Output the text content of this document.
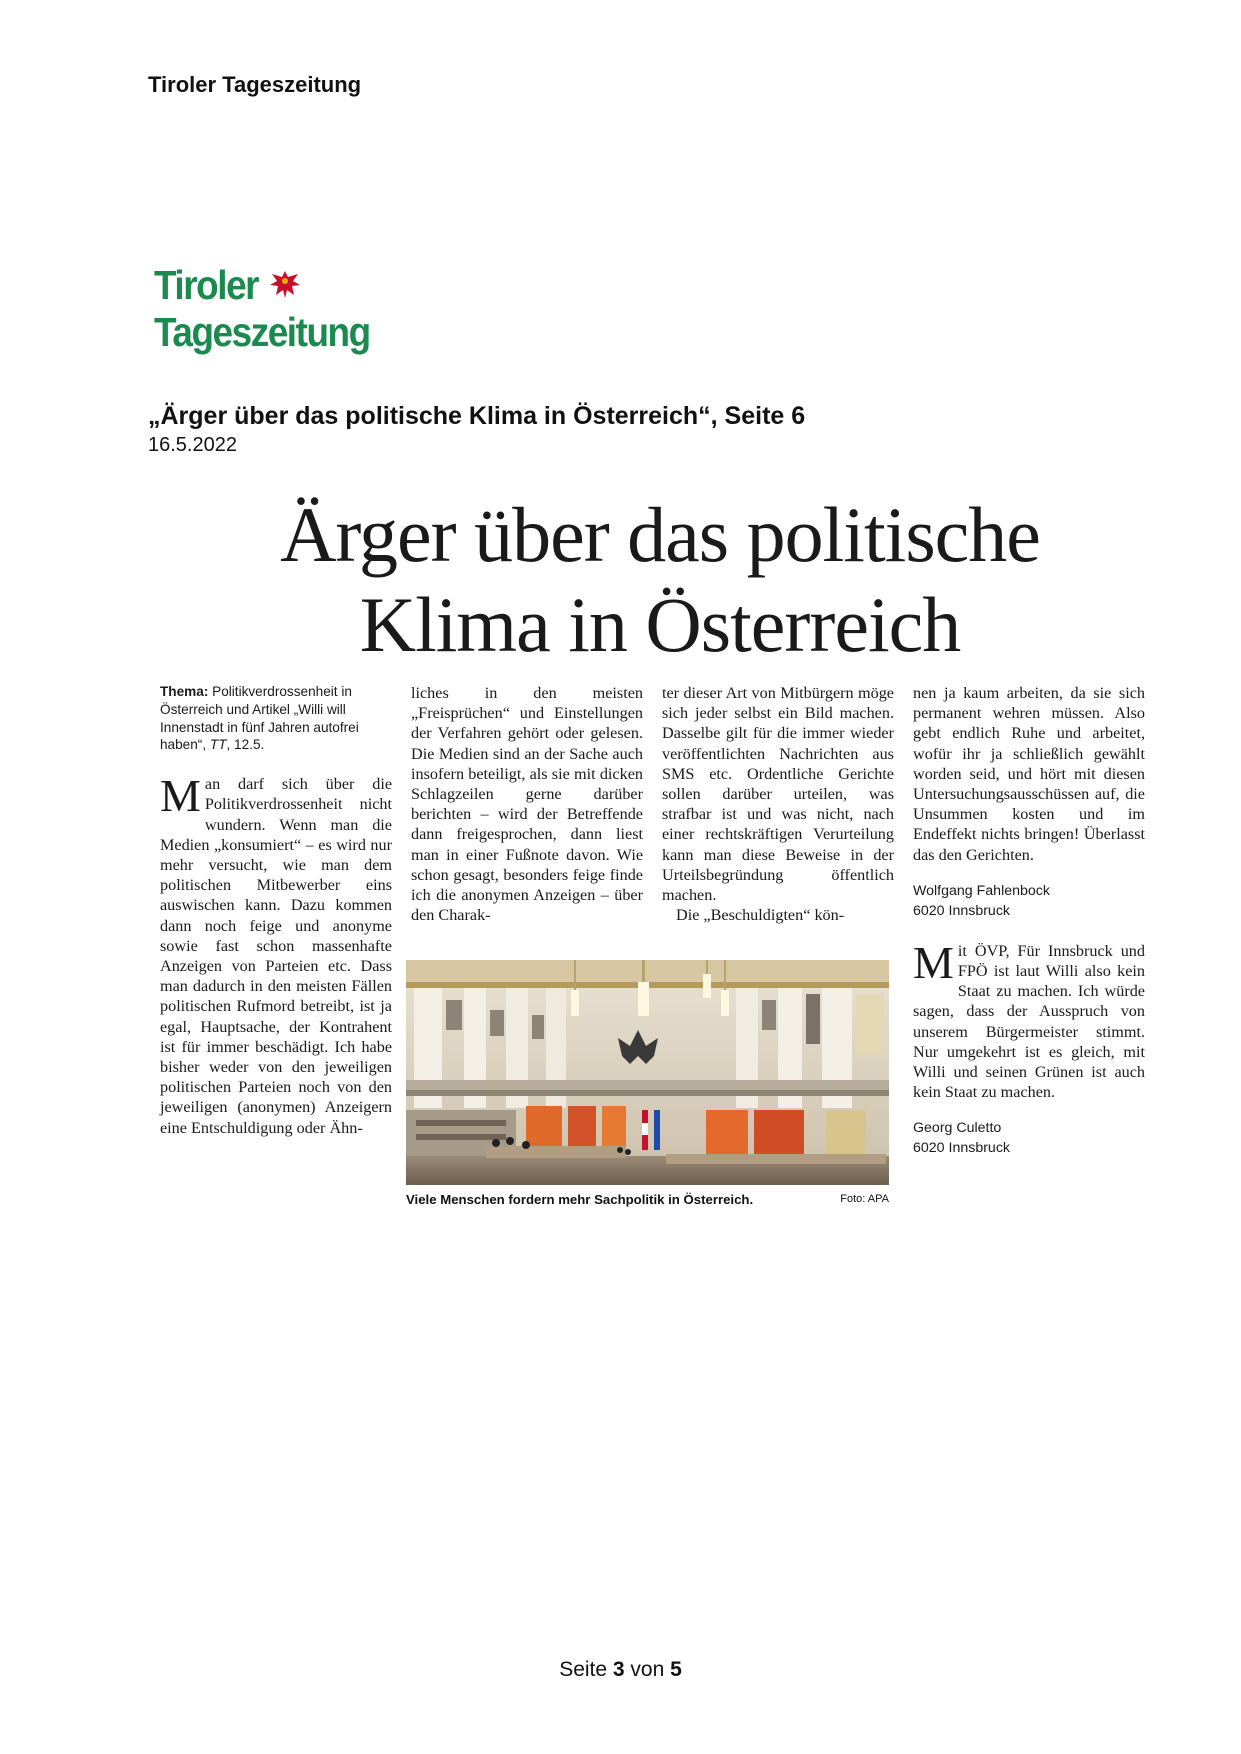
Tiroler Tageszeitung
Tiroler  Tageszeitung
„Ärger über das politische Klima in Österreich“, Seite 6
16.5.2022
Ärger über das politische
Klima in Österreich

Thema: Politikverdrossenheit in Österreich und Artikel „Willi will Innenstadt in fünf Jahren autofrei haben“, TT, 12.5.

Man darf sich über die Politikverdrossenheit nicht wundern. Wenn man die Medien „konsumiert“ – es wird nur mehr versucht, wie man dem politischen Mitbewerber eins auswischen kann. Dazu kommen dann noch feige und anonyme sowie fast schon massenhafte Anzeigen von Parteien etc. Dass man dadurch in den meisten Fällen politischen Rufmord betreibt, ist ja egal, Hauptsache, der Kontrahent ist für immer beschädigt. Ich habe bisher weder von den jeweiligen politischen Parteien noch von den jeweiligen (anonymen) Anzeigern eine Entschuldigung oder Ähn-

liches in den meisten „Freisprüchen“ und Einstellungen der Verfahren gehört oder gelesen. Die Medien sind an der Sache auch insofern beteiligt, als sie mit dicken Schlagzeilen gerne darüber berichten – wird der Betreffende dann freigesprochen, dann liest man in einer Fußnote davon. Wie schon gesagt, besonders feige finde ich die anonymen Anzeigen – über den Charak-

ter dieser Art von Mitbürgern möge sich jeder selbst ein Bild machen. Dasselbe gilt für die immer wieder veröffentlichten Nachrichten aus SMS etc. Ordentliche Gerichte sollen darüber urteilen, was strafbar ist und was nicht, nach einer rechtskräftigen Verurteilung kann man diese Beweise in der Urteilsbegründung öffentlich machen.

Die „Beschuldigten“ kön-

nen ja kaum arbeiten, da sie sich permanent wehren müssen. Also gebt endlich Ruhe und arbeitet, wofür ihr ja schließlich gewählt worden seid, und hört mit diesen Untersuchungsausschüssen auf, die Unsummen kosten und im Endeffekt nichts bringen! Überlasst das den Gerichten.

Wolfgang Fahlenbock
6020 Innsbruck

Mit ÖVP, Für Innsbruck und FPÖ ist laut Willi also kein Staat zu machen. Ich würde sagen, dass der Ausspruch von unserem Bürgermeister stimmt. Nur umgekehrt ist es gleich, mit Willi und seinen Grünen ist auch kein Staat zu machen.

Georg Culetto
6020 Innsbruck
Viele Menschen fordern mehr Sachpolitik in Österreich.	Foto: APA
Seite 3 von 5
